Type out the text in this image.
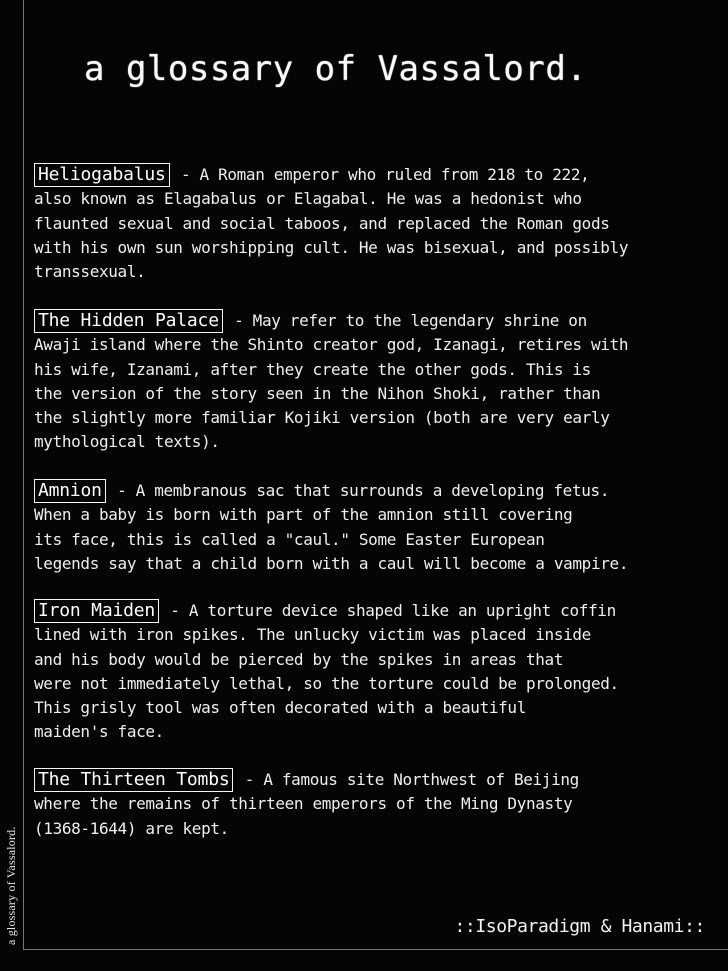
a glossary of Vassalord.
a glossary of Vassalord.
Heliogabalus - A Roman emperor who ruled from 218 to 222,
also known as Elagabalus or Elagabal. He was a hedonist who
flaunted sexual and social taboos, and replaced the Roman gods
with his own sun worshipping cult. He was bisexual, and possibly
transsexual.
The Hidden Palace - May refer to the legendary shrine on
Awaji island where the Shinto creator god, Izanagi, retires with
his wife, Izanami, after they create the other gods. This is
the version of the story seen in the Nihon Shoki, rather than
the slightly more familiar Kojiki version (both are very early
mythological texts).
Amnion - A membranous sac that surrounds a developing fetus.
When a baby is born with part of the amnion still covering
its face, this is called a "caul." Some Easter European
legends say that a child born with a caul will become a vampire.
Iron Maiden - A torture device shaped like an upright coffin
lined with iron spikes. The unlucky victim was placed inside
and his body would be pierced by the spikes in areas that
were not immediately lethal, so the torture could be prolonged.
This grisly tool was often decorated with a beautiful
maiden's face.
The Thirteen Tombs - A famous site Northwest of Beijing
where the remains of thirteen emperors of the Ming Dynasty
(1368-1644) are kept.
::IsoParadigm & Hanami::
